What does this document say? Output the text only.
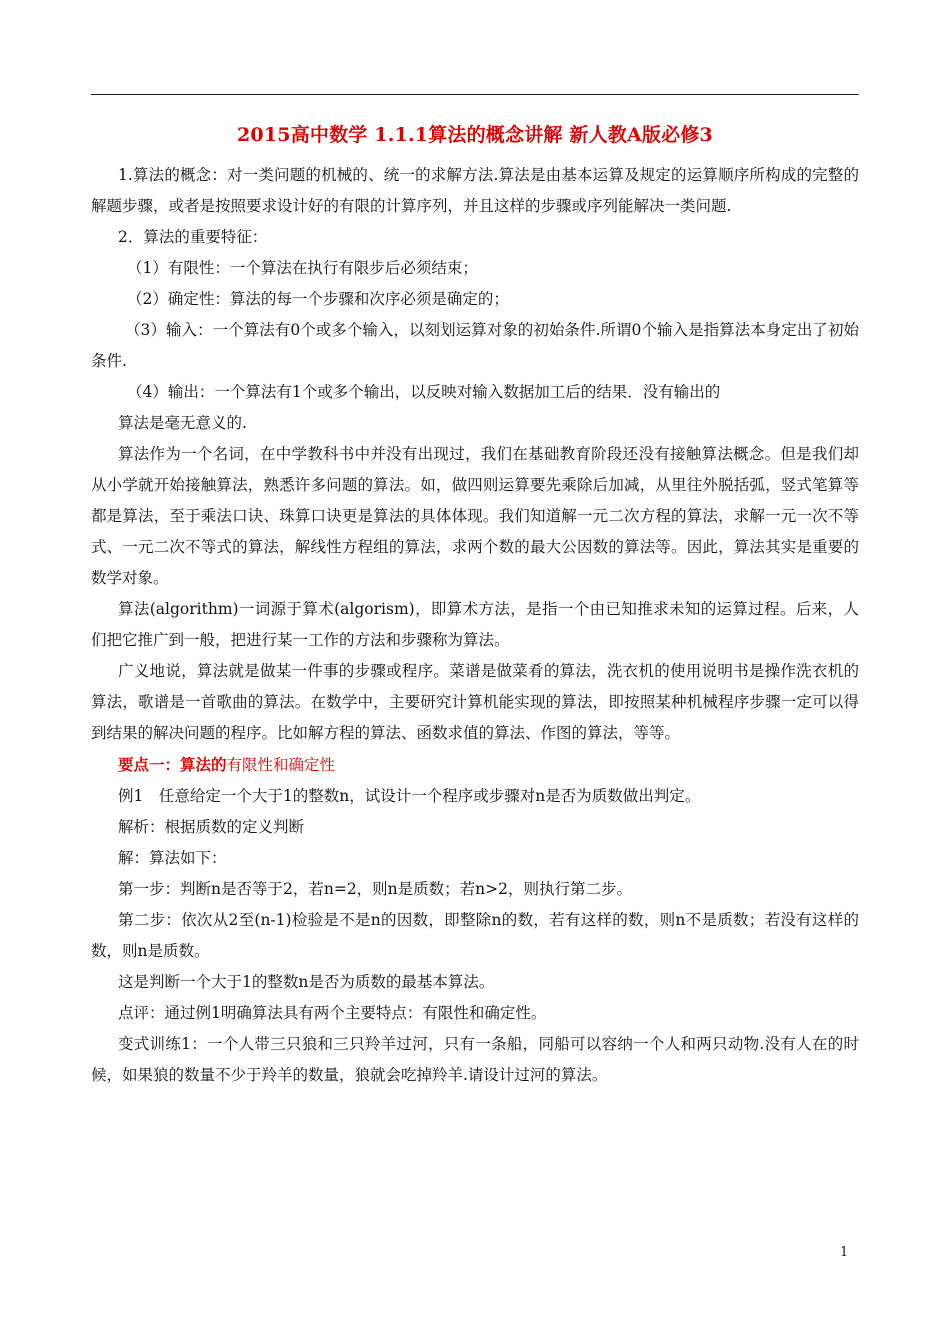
2015高中数学 1.1.1算法的概念讲解 新人教A版必修3

1.算法的概念：对一类问题的机械的、统一的求解方法.算法是由基本运算及规定的运算顺序所构成的完整的解题步骤，或者是按照要求设计好的有限的计算序列，并且这样的步骤或序列能解决一类问题.

2．算法的重要特征：

（1）有限性：一个算法在执行有限步后必须结束；

（2）确定性：算法的每一个步骤和次序必须是确定的；

（3）输入：一个算法有0个或多个输入，以刻划运算对象的初始条件.所谓0个输入是指算法本身定出了初始条件.

（4）输出：一个算法有1个或多个输出，以反映对输入数据加工后的结果．没有输出的

算法是毫无意义的.

算法作为一个名词，在中学教科书中并没有出现过，我们在基础教育阶段还没有接触算法概念。但是我们却从小学就开始接触算法，熟悉许多问题的算法。如，做四则运算要先乘除后加减，从里往外脱括弧，竖式笔算等都是算法，至于乘法口诀、珠算口诀更是算法的具体体现。我们知道解一元二次方程的算法，求解一元一次不等式、一元二次不等式的算法，解线性方程组的算法，求两个数的最大公因数的算法等。因此，算法其实是重要的数学对象。

算法(algorithm)一词源于算术(algorism)，即算术方法，是指一个由已知推求未知的运算过程。后来，人们把它推广到一般，把进行某一工作的方法和步骤称为算法。

广义地说，算法就是做某一件事的步骤或程序。菜谱是做菜肴的算法，洗衣机的使用说明书是操作洗衣机的算法，歌谱是一首歌曲的算法。在数学中，主要研究计算机能实现的算法，即按照某种机械程序步骤一定可以得到结果的解决问题的程序。比如解方程的算法、函数求值的算法、作图的算法，等等。

要点一：算法的有限性和确定性

例1　任意给定一个大于1的整数n，试设计一个程序或步骤对n是否为质数做出判定。

解析：根据质数的定义判断

解：算法如下：

第一步：判断n是否等于2，若n=2，则n是质数；若n>2，则执行第二步。

第二步：依次从2至(n-1)检验是不是n的因数，即整除n的数，若有这样的数，则n不是质数；若没有这样的数，则n是质数。

这是判断一个大于1的整数n是否为质数的最基本算法。

点评：通过例1明确算法具有两个主要特点：有限性和确定性。

变式训练1：一个人带三只狼和三只羚羊过河，只有一条船，同船可以容纳一个人和两只动物.没有人在的时候，如果狼的数量不少于羚羊的数量，狼就会吃掉羚羊.请设计过河的算法。

1
